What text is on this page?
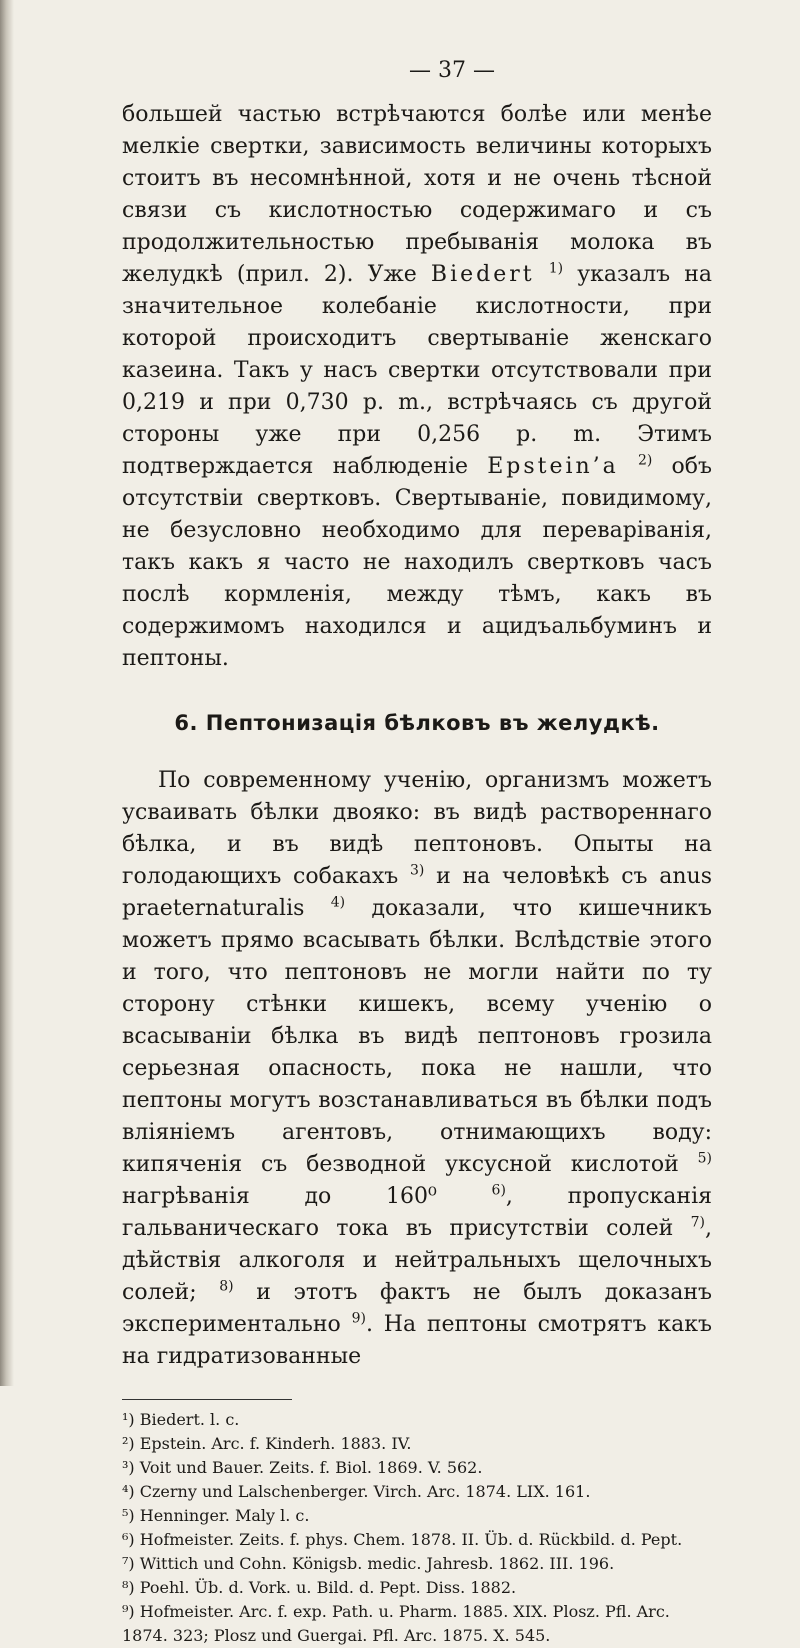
— 37 —

большей частью встрѣчаются болѣе или менѣе мелкіе свертки, зависимость величины которыхъ стоитъ въ несомнѣнной, хотя и не очень тѣсной связи съ кислотностью содержимаго и съ продолжительностью пребыванія молока въ желудкѣ (прил. 2). Уже Biedert $^{1)}$ указалъ на значительное колебаніе кислотности, при которой происходитъ свертываніе женскаго казеина. Такъ у насъ свертки отсутствовали при 0,219 и при 0,730 р. m., встрѣчаясь съ другой стороны уже при 0,256 р. m. Этимъ подтверждается наблюденіе Epstein’a $^{2)}$ объ отсутствіи свертковъ. Свертываніе, повидимому, не безусловно необходимо для переваріванія, такъ какъ я часто не находилъ свертковъ часъ послѣ кормленія, между тѣмъ, какъ въ содержимомъ находился и ацидъальбуминъ и пептоны.

6. Пептонизація бѣлковъ въ желудкѣ.

По современному ученію, организмъ можетъ усваивать бѣлки двояко: въ видѣ раствореннаго бѣлка, и въ видѣ пептоновъ. Опыты на голодающихъ собакахъ $^{3)}$ и на человѣкѣ съ anus praeternaturalis $^{4)}$ доказали, что кишечникъ можетъ прямо всасывать бѣлки. Вслѣдствіе этого и того, что пептоновъ не могли найти по ту сторону стѣнки кишекъ, всему ученію о всасываніи бѣлка въ видѣ пептоновъ грозила серьезная опасность, пока не нашли, что пептоны могутъ возстанавливаться въ бѣлки подъ вліяніемъ агентовъ, отнимающихъ воду: кипяченія съ безводной уксусной кислотой $^{5)}$ нагрѣванія до 160⁰ $^{6)}$, пропусканія гальваническаго тока въ присутствіи солей $^{7)}$, дѣйствія алкоголя и нейтральныхъ щелочныхъ солей; $^{8)}$ и этотъ фактъ не былъ доказанъ экспериментально $^{9)}$. На пептоны смотрятъ какъ на гидратизованные

¹) Biedert. l. c.
²) Epstein. Arc. f. Kinderh. 1883. IV.
³) Voit und Bauer. Zeits. f. Biol. 1869. V. 562.
⁴) Czerny und Lalschenberger. Virch. Arc. 1874. LIX. 161.
⁵) Henninger. Maly l. c.
⁶) Hofmeister. Zeits. f. phys. Chem. 1878. II. Üb. d. Rückbild. d. Pept.
⁷) Wittich und Cohn. Königsb. medic. Jahresb. 1862. III. 196.
⁸) Poehl. Üb. d. Vork. u. Bild. d. Pept. Diss. 1882.
⁹) Hofmeister. Arc. f. exp. Path. u. Pharm. 1885. XIX. Plosz. Pfl. Arc. 1874. 323; Plosz und Guergai. Pfl. Arc. 1875. X. 545.
